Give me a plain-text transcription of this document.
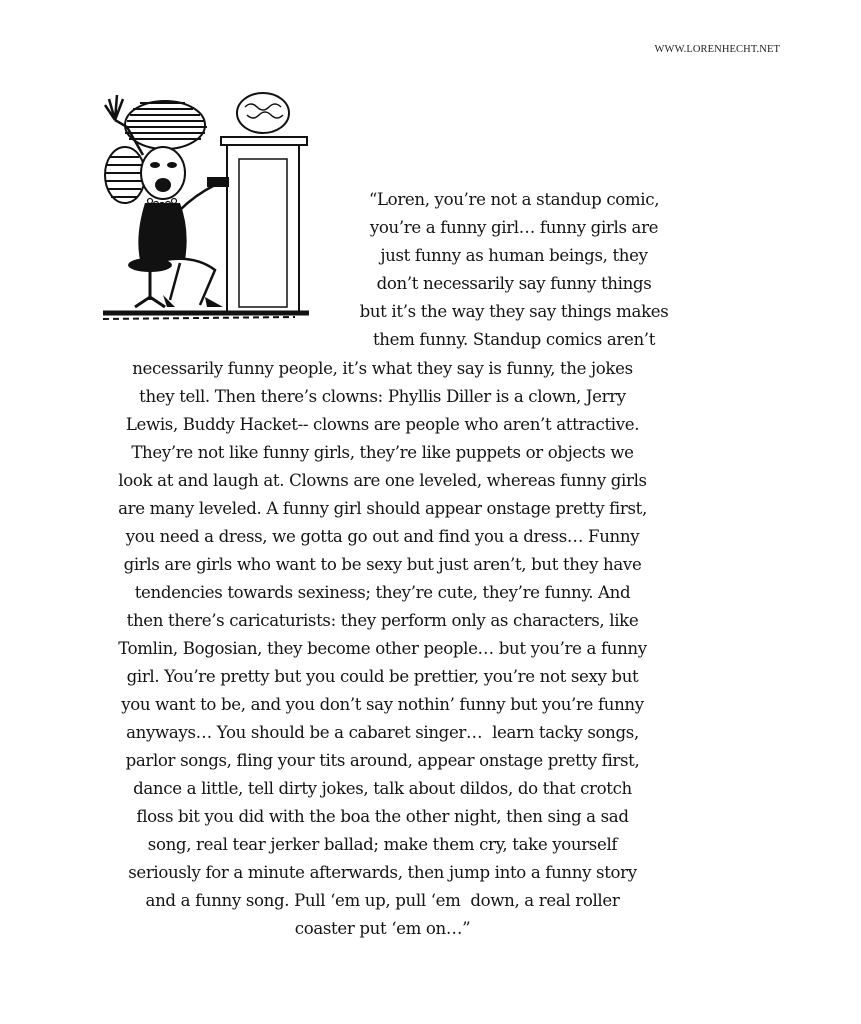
WWW.LORENHECHT.NET
“Loren, you’re not a standup comic,
you’re a funny girl… funny girls are
just funny as human beings, they
don’t necessarily say funny things
but it’s the way they say things makes
them funny. Standup comics aren’t
necessarily funny people, it’s what they say is funny, the jokes
they tell. Then there’s clowns: Phyllis Diller is a clown, Jerry
Lewis, Buddy Hacket-- clowns are people who aren’t attractive.
They’re not like funny girls, they’re like puppets or objects we
look at and laugh at. Clowns are one leveled, whereas funny girls
are many leveled. A funny girl should appear onstage pretty first,
you need a dress, we gotta go out and find you a dress… Funny
girls are girls who want to be sexy but just aren’t, but they have
tendencies towards sexiness; they’re cute, they’re funny. And
then there’s caricaturists: they perform only as characters, like
Tomlin, Bogosian, they become other people… but you’re a funny
girl. You’re pretty but you could be prettier, you’re not sexy but
you want to be, and you don’t say nothin’ funny but you’re funny
anyways… You should be a cabaret singer…  learn tacky songs,
parlor songs, fling your tits around, appear onstage pretty first,
dance a little, tell dirty jokes, talk about dildos, do that crotch
floss bit you did with the boa the other night, then sing a sad
song, real tear jerker ballad; make them cry, take yourself
seriously for a minute afterwards, then jump into a funny story
and a funny song. Pull ‘em up, pull ‘em  down, a real roller
coaster put ‘em on…”
